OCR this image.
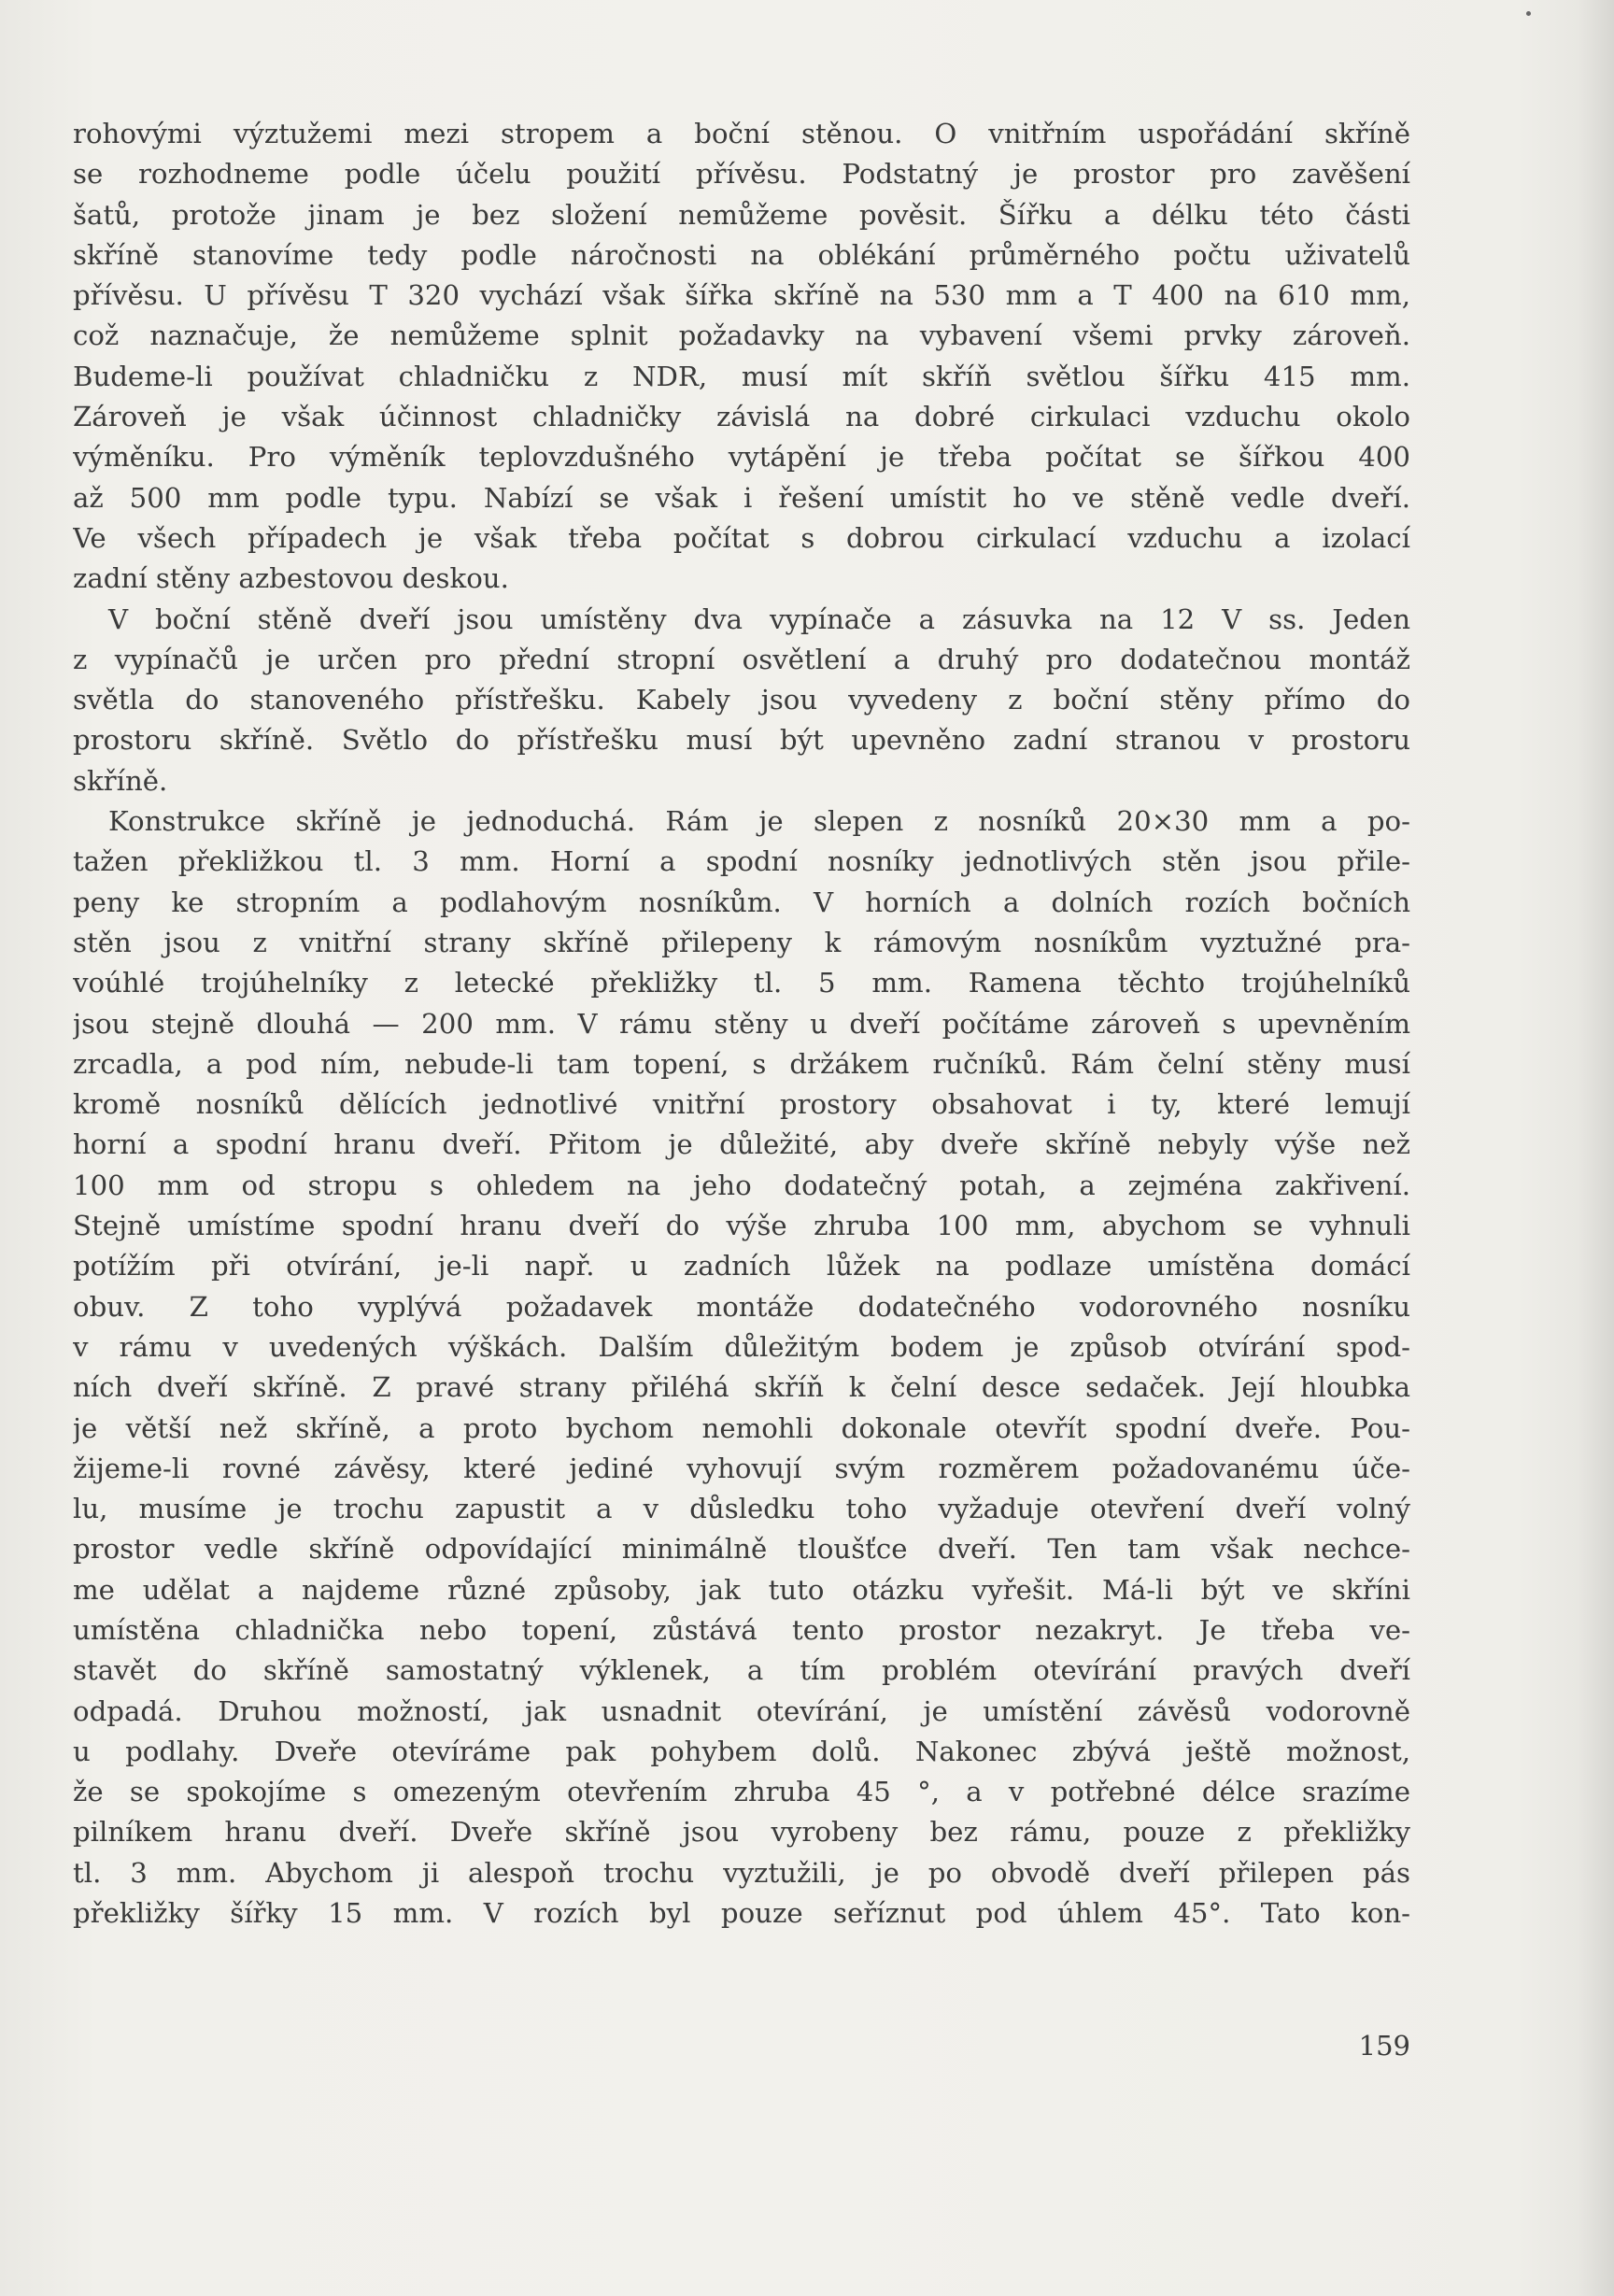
rohovými výztužemi mezi stropem a boční stěnou. O vnitřním uspořádání skříně
se rozhodneme podle účelu použití přívěsu. Podstatný je prostor pro zavěšení
šatů, protože jinam je bez složení nemůžeme pověsit. Šířku a délku této části
skříně stanovíme tedy podle náročnosti na oblékání průměrného počtu uživatelů
přívěsu. U přívěsu T 320 vychází však šířka skříně na 530 mm a T 400 na 610 mm,
což naznačuje, že nemůžeme splnit požadavky na vybavení všemi prvky zároveň.
Budeme-li používat chladničku z NDR, musí mít skříň světlou šířku 415 mm.
Zároveň je však účinnost chladničky závislá na dobré cirkulaci vzduchu okolo
výměníku. Pro výměník teplovzdušného vytápění je třeba počítat se šířkou 400
až 500 mm podle typu. Nabízí se však i řešení umístit ho ve stěně vedle dveří.
Ve všech případech je však třeba počítat s dobrou cirkulací vzduchu a izolací
zadní stěny azbestovou deskou.
V boční stěně dveří jsou umístěny dva vypínače a zásuvka na 12 V ss. Jeden
z vypínačů je určen pro přední stropní osvětlení a druhý pro dodatečnou montáž
světla do stanoveného přístřešku. Kabely jsou vyvedeny z boční stěny přímo do
prostoru skříně. Světlo do přístřešku musí být upevněno zadní stranou v prostoru
skříně.
Konstrukce skříně je jednoduchá. Rám je slepen z nosníků 20×30 mm a po-
tažen překližkou tl. 3 mm. Horní a spodní nosníky jednotlivých stěn jsou přile-
peny ke stropním a podlahovým nosníkům. V horních a dolních rozích bočních
stěn jsou z vnitřní strany skříně přilepeny k rámovým nosníkům vyztužné pra-
voúhlé trojúhelníky z letecké překližky tl. 5 mm. Ramena těchto trojúhelníků
jsou stejně dlouhá — 200 mm. V rámu stěny u dveří počítáme zároveň s upevněním
zrcadla, a pod ním, nebude-li tam topení, s držákem ručníků. Rám čelní stěny musí
kromě nosníků dělících jednotlivé vnitřní prostory obsahovat i ty, které lemují
horní a spodní hranu dveří. Přitom je důležité, aby dveře skříně nebyly výše než
100 mm od stropu s ohledem na jeho dodatečný potah, a zejména zakřivení.
Stejně umístíme spodní hranu dveří do výše zhruba 100 mm, abychom se vyhnuli
potížím při otvírání, je-li např. u zadních lůžek na podlaze umístěna domácí
obuv. Z toho vyplývá požadavek montáže dodatečného vodorovného nosníku
v rámu v uvedených výškách. Dalším důležitým bodem je způsob otvírání spod-
ních dveří skříně. Z pravé strany přiléhá skříň k čelní desce sedaček. Její hloubka
je větší než skříně, a proto bychom nemohli dokonale otevřít spodní dveře. Pou-
žijeme-li rovné závěsy, které jediné vyhovují svým rozměrem požadovanému úče-
lu, musíme je trochu zapustit a v důsledku toho vyžaduje otevření dveří volný
prostor vedle skříně odpovídající minimálně tloušťce dveří. Ten tam však nechce-
me udělat a najdeme různé způsoby, jak tuto otázku vyřešit. Má-li být ve skříni
umístěna chladnička nebo topení, zůstává tento prostor nezakryt. Je třeba ve-
stavět do skříně samostatný výklenek, a tím problém otevírání pravých dveří
odpadá. Druhou možností, jak usnadnit otevírání, je umístění závěsů vodorovně
u podlahy. Dveře otevíráme pak pohybem dolů. Nakonec zbývá ještě možnost,
že se spokojíme s omezeným otevřením zhruba 45 °, a v potřebné délce srazíme
pilníkem hranu dveří. Dveře skříně jsou vyrobeny bez rámu, pouze z překližky
tl. 3 mm. Abychom ji alespoň trochu vyztužili, je po obvodě dveří přilepen pás
překližky šířky 15 mm. V rozích byl pouze seříznut pod úhlem 45°. Tato kon-
159
